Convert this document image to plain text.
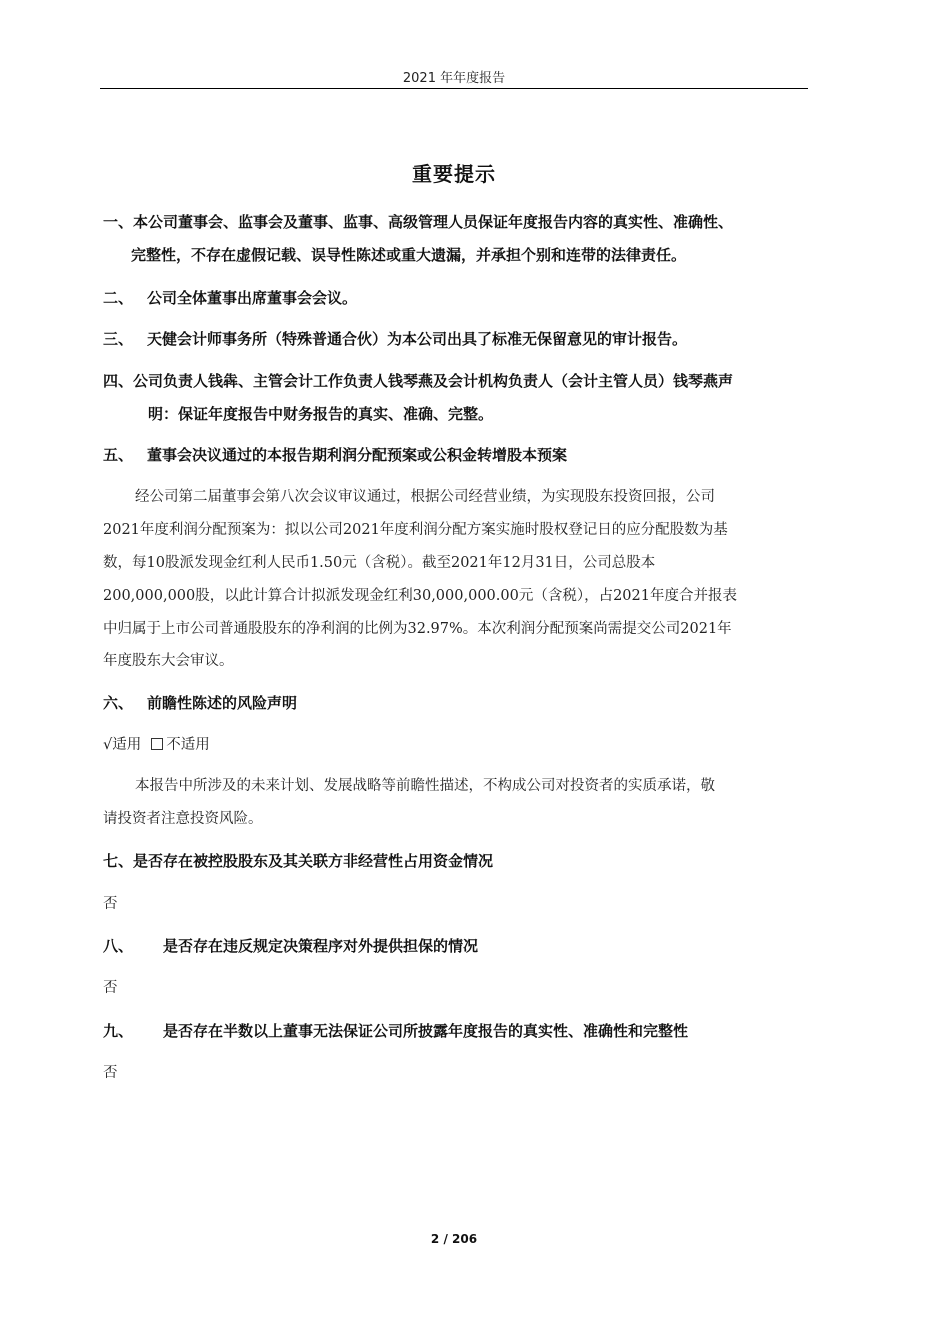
2021 年年度报告
重要提示
一、本公司董事会、监事会及董事、监事、高级管理人员保证年度报告内容的真实性、准确性、
完整性，不存在虚假记载、误导性陈述或重大遗漏，并承担个别和连带的法律责任。
二、 公司全体董事出席董事会会议。
三、 天健会计师事务所（特殊普通合伙）为本公司出具了标准无保留意见的审计报告。
四、公司负责人钱犇、主管会计工作负责人钱琴燕及会计机构负责人（会计主管人员）钱琴燕声
明：保证年度报告中财务报告的真实、准确、完整。
五、 董事会决议通过的本报告期利润分配预案或公积金转增股本预案
经公司第二届董事会第八次会议审议通过，根据公司经营业绩，为实现股东投资回报，公司
2021年度利润分配预案为：拟以公司2021年度利润分配方案实施时股权登记日的应分配股数为基
数，每10股派发现金红利人民币1.50元（含税）。截至2021年12月31日，公司总股本
200,000,000股，以此计算合计拟派发现金红利30,000,000.00元（含税），占2021年度合并报表
中归属于上市公司普通股股东的净利润的比例为32.97%。本次利润分配预案尚需提交公司2021年
年度股东大会审议。
六、 前瞻性陈述的风险声明
√适用 不适用
本报告中所涉及的未来计划、发展战略等前瞻性描述，不构成公司对投资者的实质承诺，敬
请投资者注意投资风险。
七、是否存在被控股股东及其关联方非经营性占用资金情况
否
八、 是否存在违反规定决策程序对外提供担保的情况
否
九、 是否存在半数以上董事无法保证公司所披露年度报告的真实性、准确性和完整性
否
2 / 206
